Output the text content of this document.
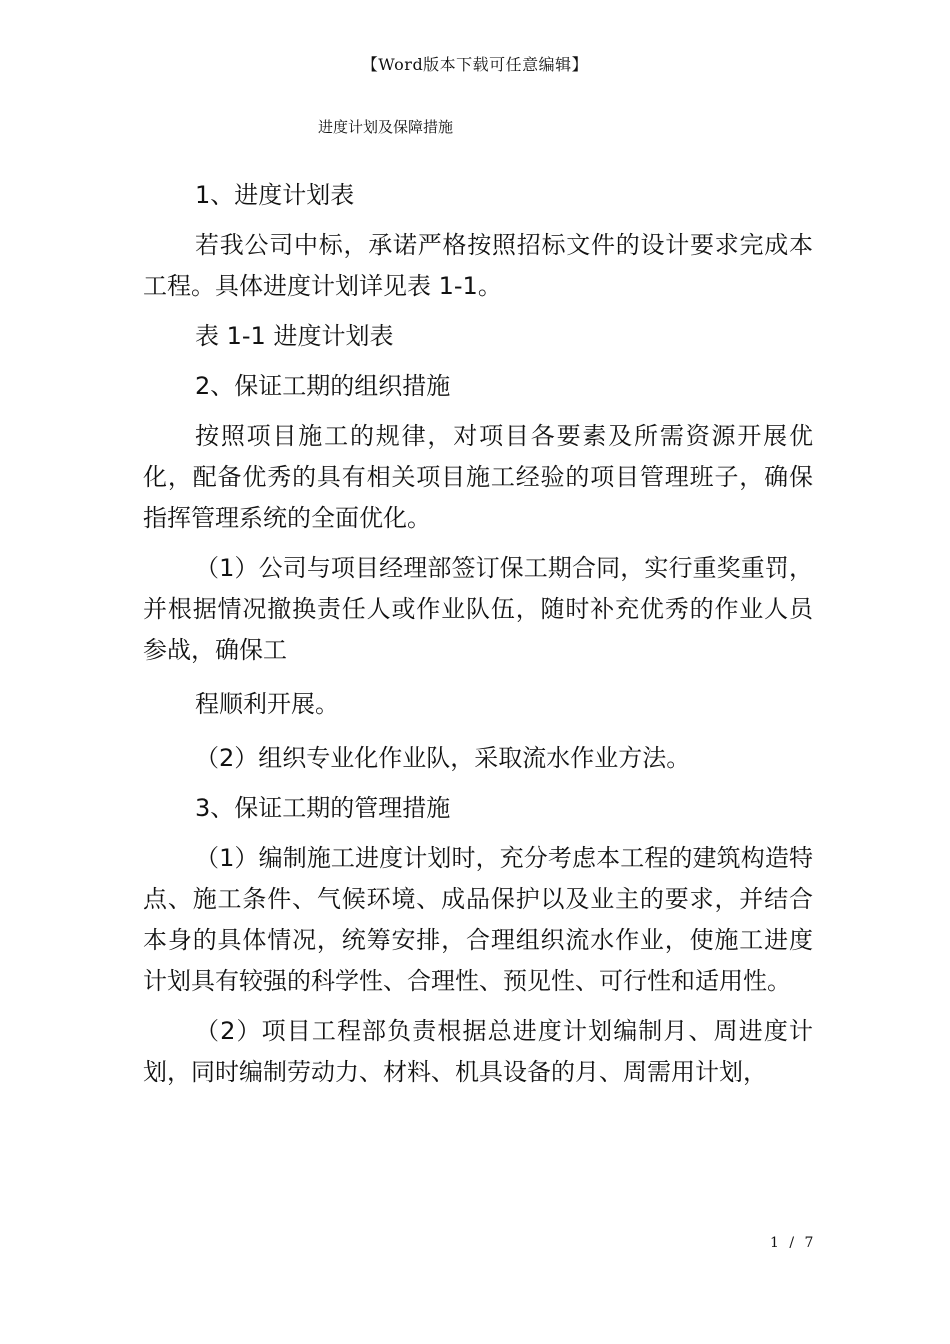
【Word版本下载可任意编辑】
进度计划及保障措施

1、进度计划表

若我公司中标，承诺严格按照招标文件的设计要求完成本工程。具体进度计划详见表 1-1。

表 1-1 进度计划表

2、保证工期的组织措施

按照项目施工的规律，对项目各要素及所需资源开展优化，配备优秀的具有相关项目施工经验的项目管理班子，确保指挥管理系统的全面优化。

（1）公司与项目经理部签订保工期合同，实行重奖重罚，并根据情况撤换责任人或作业队伍，随时补充优秀的作业人员参战，确保工

程顺利开展。

（2）组织专业化作业队，采取流水作业方法。

3、保证工期的管理措施

（1）编制施工进度计划时，充分考虑本工程的建筑构造特点、施工条件、气候环境、成品保护以及业主的要求，并结合本身的具体情况，统筹安排，合理组织流水作业，使施工进度计划具有较强的科学性、合理性、预见性、可行性和适用性。

（2）项目工程部负责根据总进度计划编制月、周进度计划，同时编制劳动力、材料、机具设备的月、周需用计划，

1 / 7
